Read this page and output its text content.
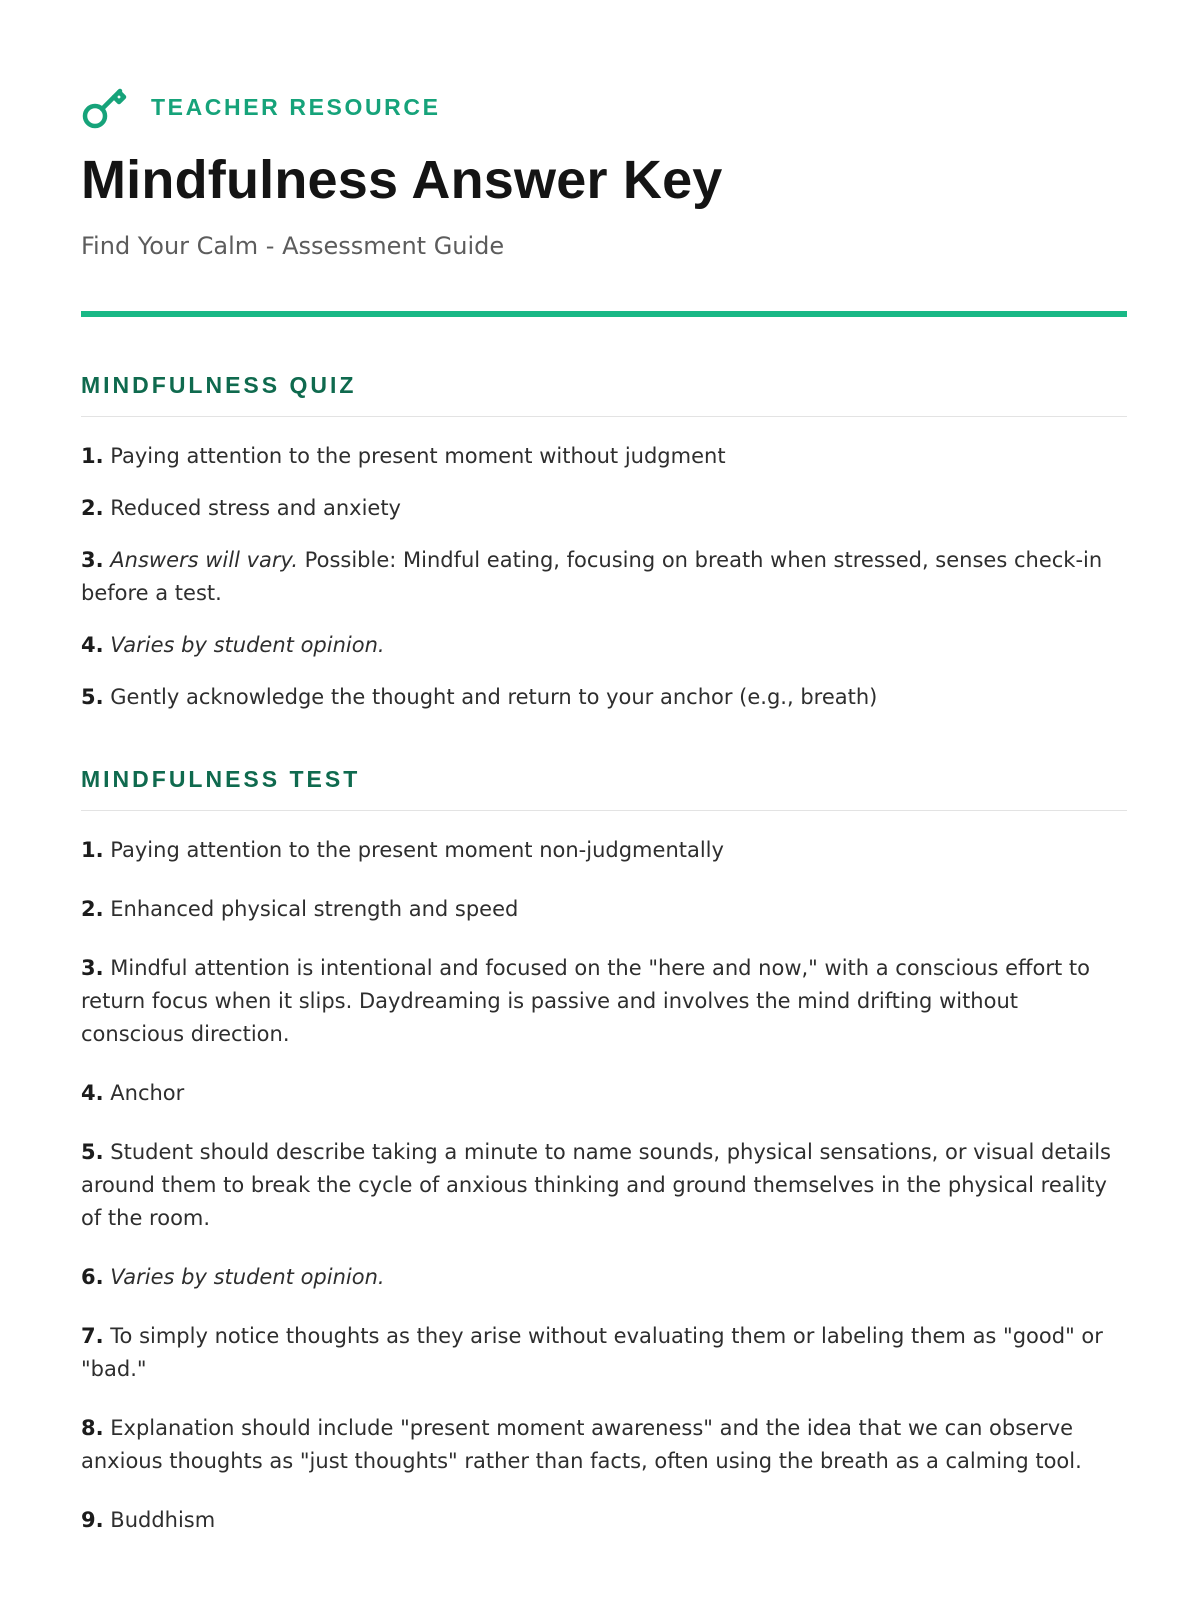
TEACHER RESOURCE
Mindfulness Answer Key
Find Your Calm - Assessment Guide
MINDFULNESS QUIZ

1. Paying attention to the present moment without judgment

2. Reduced stress and anxiety

3. Answers will vary. Possible: Mindful eating, focusing on breath when stressed, senses check-in before a test.

4. Varies by student opinion.

5. Gently acknowledge the thought and return to your anchor (e.g., breath)

MINDFULNESS TEST

1. Paying attention to the present moment non-judgmentally

2. Enhanced physical strength and speed

3. Mindful attention is intentional and focused on the "here and now," with a conscious effort to return focus when it slips. Daydreaming is passive and involves the mind drifting without conscious direction.

4. Anchor

5. Student should describe taking a minute to name sounds, physical sensations, or visual details around them to break the cycle of anxious thinking and ground themselves in the physical reality of the room.

6. Varies by student opinion.

7. To simply notice thoughts as they arise without evaluating them or labeling them as "good" or "bad."

8. Explanation should include "present moment awareness" and the idea that we can observe anxious thoughts as "just thoughts" rather than facts, often using the breath as a calming tool.

9. Buddhism
